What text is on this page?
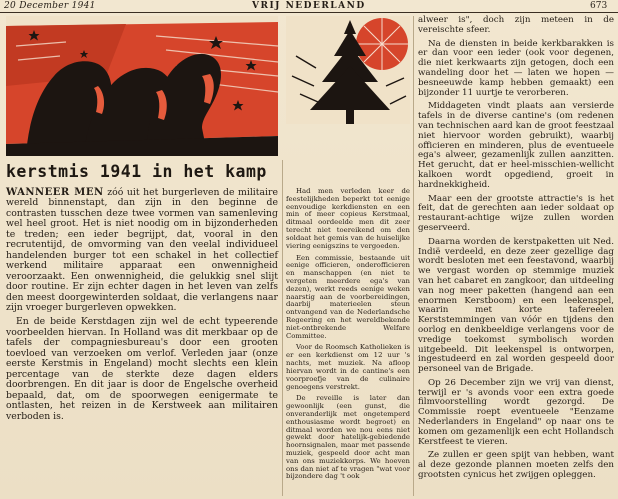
20 December 1941	VRIJ NEDERLAND	673
kerstmis 1941 in het kamp

WANNEER MEN zóó uit het burgerleven de militaire wereld binnenstapt, dan zijn in den beginne de contrasten tusschen deze twee vormen van samenleving wel heel groot. Het is niet noodig om in bijzonderheden te treden; een ieder begrijpt, dat, vooral in den recrutentijd, de omvorming van den veelal individueel handelenden burger tot een schakel in het collectief werkend militaire apparaat een onwennigheid veroorzaakt. Een onwennigheid, die gelukkig snel slijt door routine. Er zijn echter dagen in het leven van zelfs den meest doorgewinterden soldaat, die verlangens naar zijn vroeger burgerleven opwekken.

En de beide Kerstdagen zijn wel de echt typeerende voorbeelden hiervan. In Holland was dit merkbaar op de tafels der compagniesbureau's door een grooten toevloed van verzoeken om verlof. Verleden jaar (onze eerste Kerstmis in Engeland) mocht slechts een klein percentage van de sterkte deze dagen elders doorbrengen. En dit jaar is door de Engelsche overheid bepaald, dat, om de spoorwegen eenigermate te ontlasten, het reizen in de Kerstweek aan militairen verboden is.

Had men verleden keer de feestelijkheden beperkt tot eenige eenvoudige kerkdiensten en een min of meer copieus Kerstmaal, ditmaal oordeelde men dit zeer terecht niet toereikend om den soldaat het gemis van de huiselijke viering eenigszins te vergoeden.

Een commissie, bestaande uit eenige officieren, onderofficieren en manschappen (en niet te vergeten meerdere ega's van dezen), werkt reeds eenige weken naarstig aan de voorbereidingen, daarbij materieelen steun ontvangend van de Nederlandsche Regeering en het wereldbekende niet-ontbrekende Welfare Committee.

Voor de Roomsch Katholieken is er een kerkdienst om 12 uur 's nachts, met muziek. Na afloop hiervan wordt in de cantine's een voorproefje van de culinaire genoegens verstrekt.

De reveille is later dan gewoonlijk (een gunst, die onveranderlijk met ongetemperd enthousiasme wordt begroet) en ditmaal worden we nou eens niet gewekt door hatelijk-gebiedende hoornsignalen, maar met passende muziek, gespeeld door acht man van ons muziekkorps. We hoeven ons dan niet af te vragen "wat voor bijzondere dag 't ook

alweer is", doch zijn meteen in de vereischte sfeer.

Na de diensten in beide kerkbarakken is er dan voor een ieder (ook voor degenen, die niet kerkwaarts zijn getogen, doch een wandeling door het — laten we hopen — besneeuwde kamp hebben gemaakt) een bijzonder 11 uurtje te verorberen.

Middageten vindt plaats aan versierde tafels in de diverse cantine's (om redenen van technischen aard kan de groot feestzaal niet hiervoor worden gebruikt), waarbij officieren en minderen, plus de eventueele ega's alweer, gezamenlijk zullen aanzitten. Het gerucht, dat er heel-misschien-wellicht kalkoen wordt opgediend, groeit in hardnekkigheid.

Maar een der grootste attractie's is het feit, dat de gerechten aan ieder soldaat op restaurant-achtige wijze zullen worden geserveerd.

Daarna worden de kerstpaketten uit Ned. Indië verdeeld, en deze zeer gezellige dag wordt besloten met een feestavond, waarbij we vergast worden op stemmige muziek van het cabaret en zangkoor, dan uitdeeling van nog meer paketten (hangend aan een enormen Kerstboom) en een leekenspel, waarin met korte tafereelen Kerststemmingen van vóór en tijdens den oorlog en denkbeeldige verlangens voor de vredige toekomst symbolisch worden uitgebeeld. Dit leekenspel is ontworpen, ingestudeerd en zal worden gespeeld door personeel van de Brigade.

Op 26 December zijn we vrij van dienst, terwijl er 's avonds voor een extra goede filmvoorstelling wordt gezorgd. De Commissie roept eventueele "Eenzame Nederlanders in Engeland" op naar ons te komen om gezamenlijk een echt Hollandsch Kerstfeest te vieren.

Ze zullen er geen spijt van hebben, want al deze gezonde plannen moeten zelfs den grootsten cynicus het zwijgen opleggen.
